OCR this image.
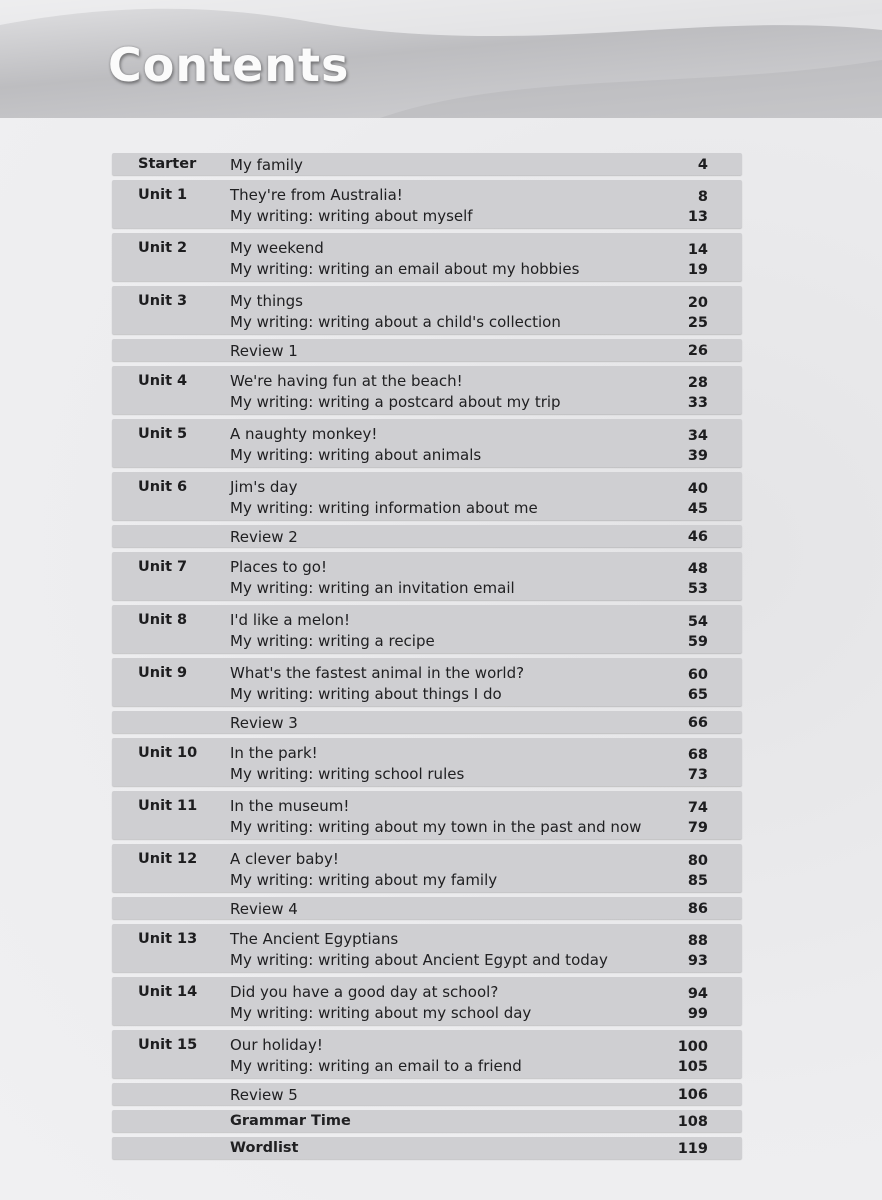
Contents
Starter My family	4
Unit 1	They're from Australia!	8
My writing: writing about myself	13
Unit 2	My weekend	14
My writing: writing an email about my hobbies	19
Unit 3	My things	20
My writing: writing about a child's collection	25
Review 1	26
Unit 4	We're having fun at the beach!	28
My writing: writing a postcard about my trip	33
Unit 5	A naughty monkey!	34
My writing: writing about animals	39
Unit 6	Jim's day	40
My writing: writing information about me	45
Review 2	46
Unit 7	Places to go!	48
My writing: writing an invitation email	53
Unit 8	I'd like a melon!	54
My writing: writing a recipe	59
Unit 9	What's the fastest animal in the world?	60
My writing: writing about things I do	65
Review 3	66
Unit 10 In the park!	68
My writing: writing school rules	73
Unit 11 In the museum!	74
My writing: writing about my town in the past and now	79
Unit 12 A clever baby!	80
My writing: writing about my family	85
Review 4	86
Unit 13 The Ancient Egyptians	88
My writing: writing about Ancient Egypt and today	93
Unit 14 Did you have a good day at school?	94
My writing: writing about my school day	99
Unit 15 Our holiday!	100
My writing: writing an email to a friend	105
Review 5	106
Grammar Time	108
Wordlist	119
